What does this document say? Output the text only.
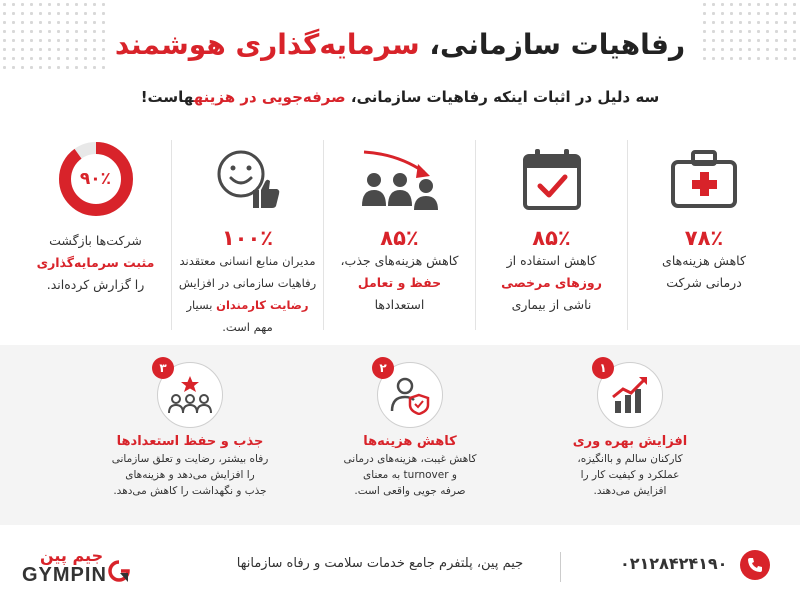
رفاهیات سازمانی، سرمایه‌گذاری هوشمند
سه دلیل در اثبات اینکه رفاهیات سازمانی، صرفه‌جویی در هزینههاست!
۷۸٪
کاهش هزینه‌های
درمانی شرکت
۸۵٪
کاهش استفاده از
روزهای مرخصی
ناشی از بیماری
۸۵٪
کاهش هزینه‌های جذب،
حفظ و تعامل
استعدادها
۱۰۰٪
مدیران منابع انسانی معتقدند
رفاهیات سازمانی در افزایش
رضایت کارمندان بسیار مهم است.
۹۰٪
شرکت‌ها بازگشت
مثبت سرمایه‌گذاری
را گزارش کرده‌اند.
۱
افزایش بهره وری
کارکنان سالم و باانگیزه،
عملکرد و کیفیت کار را
افزایش می‌دهند.
۲
کاهش هزینه‌ها
کاهش غیبت، هزینه‌های درمانی
و turnover به معنای
صرفه جویی واقعی است.
۳
جذب و حفظ استعدادها
رفاه بیشتر، رضایت و تعلق سازمانی
را افزایش می‌دهد و هزینه‌های
جذب و نگهداشت را کاهش می‌دهد.
جیم پین
GYMPIN
جیم پین، پلتفرم جامع خدمات سلامت و رفاه سازمانها	۰۲۱۲۸۴۲۴۱۹۰
